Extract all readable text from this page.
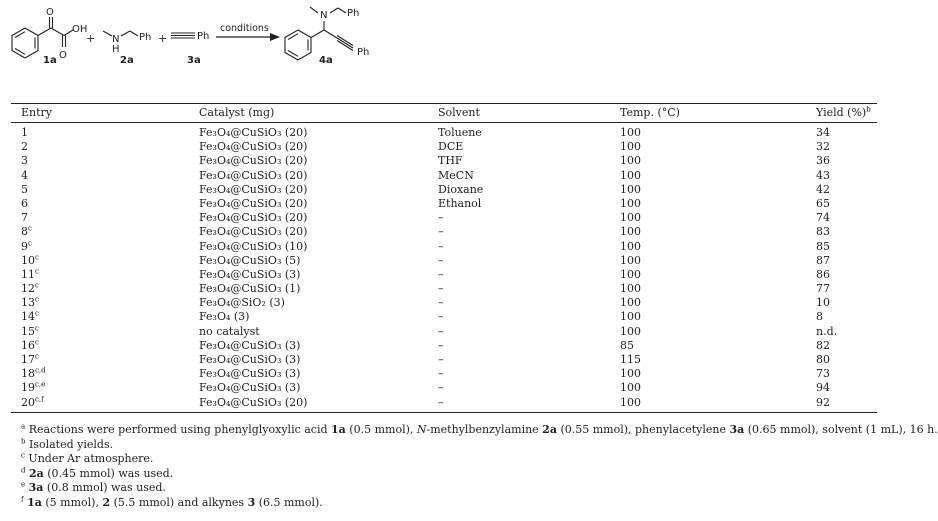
O
OH
O
1a
+ N
H
Ph
2a
+	Ph
3a
conditions
N Ph
Ph
4a
Entry	Catalyst (mg)	Solvent	Temp. (°C)	Yield (%)$^b$
1	Fe₃O₄@CuSiO₃ (20)	Toluene	100	34
2	Fe₃O₄@CuSiO₃ (20)	DCE	100	32
3	Fe₃O₄@CuSiO₃ (20)	THF	100	36
4	Fe₃O₄@CuSiO₃ (20)	MeCN	100	43
5	Fe₃O₄@CuSiO₃ (20)	Dioxane	100	42
6	Fe₃O₄@CuSiO₃ (20)	Ethanol	100	65
7	Fe₃O₄@CuSiO₃ (20)	–	100	74
8$^c$	Fe₃O₄@CuSiO₃ (20)	–	100	83
9$^c$	Fe₃O₄@CuSiO₃ (10)	–	100	85
10$^c$	Fe₃O₄@CuSiO₃ (5)	–	100	87
11$^c$	Fe₃O₄@CuSiO₃ (3)	–	100	86
12$^c$	Fe₃O₄@CuSiO₃ (1)	–	100	77
13$^c$	Fe₃O₄@SiO₂ (3)	–	100	10
14$^c$	Fe₃O₄ (3)	–	100	8
15$^c$	no catalyst	–	100	n.d.
16$^c$	Fe₃O₄@CuSiO₃ (3)	–	85	82
17$^c$	Fe₃O₄@CuSiO₃ (3)	–	115	80
18$^{c,d}$	Fe₃O₄@CuSiO₃ (3)	–	100	73
19$^{c,e}$	Fe₃O₄@CuSiO₃ (3)	–	100	94
20$^{c,f}$	Fe₃O₄@CuSiO₃ (20)	–	100	92
$^a$ Reactions were performed using phenylglyoxylic acid 1a (0.5 mmol), N-methylbenzylamine 2a (0.55 mmol), phenylacetylene 3a (0.65 mmol), solvent (1 mL), 16 h.
$^b$ Isolated yields.
$^c$ Under Ar atmosphere.
$^d$ 2a (0.45 mmol) was used.
$^e$ 3a (0.8 mmol) was used.
$^f$ 1a (5 mmol), 2 (5.5 mmol) and alkynes 3 (6.5 mmol).
